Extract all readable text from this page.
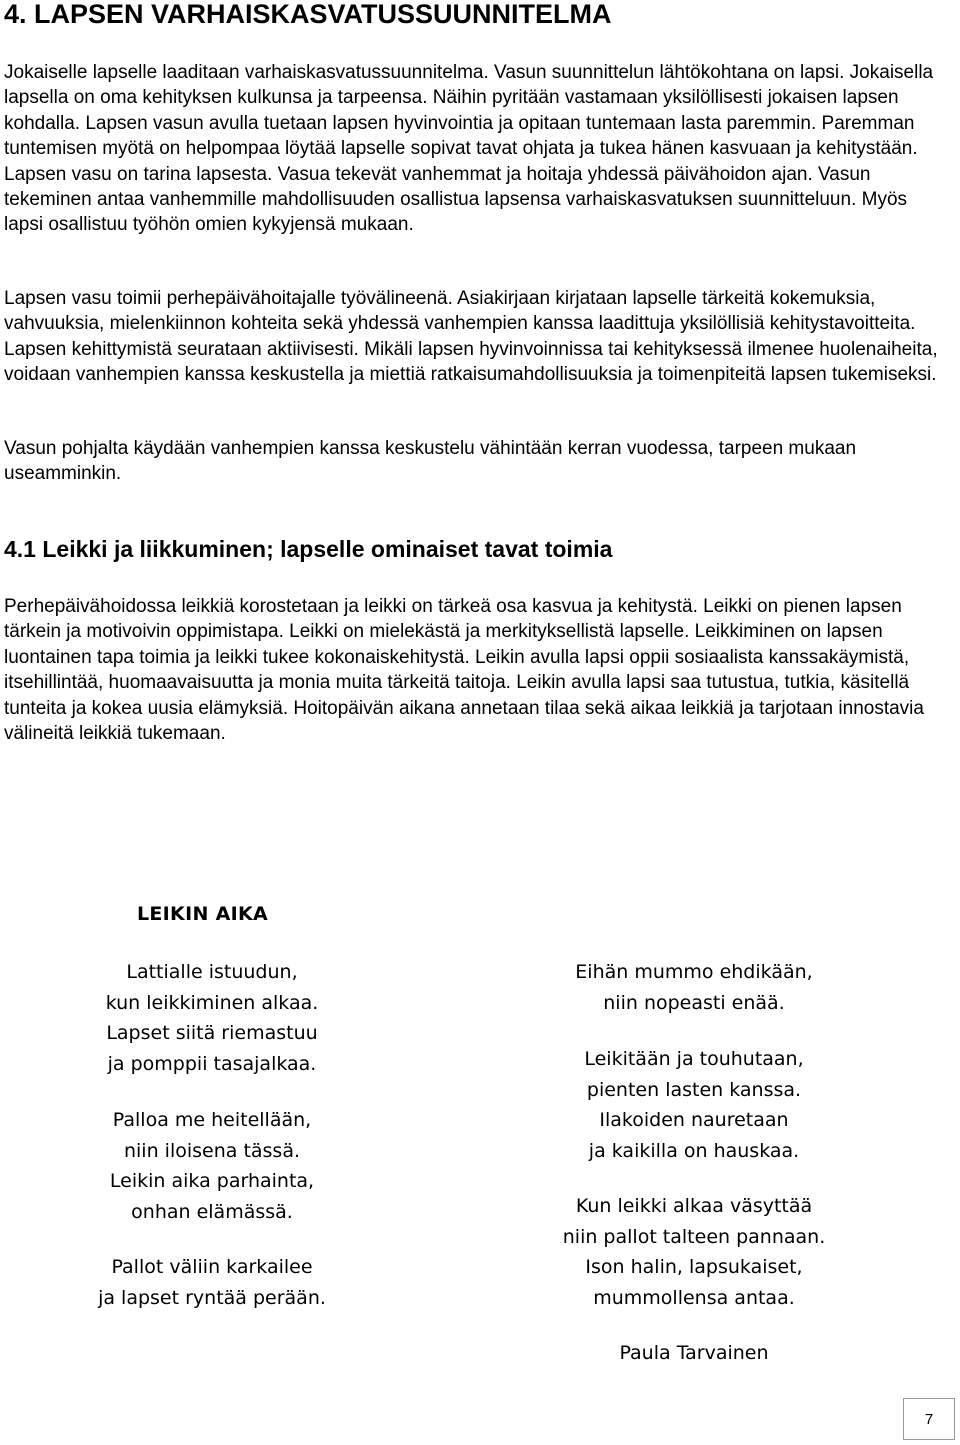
4. LAPSEN VARHAISKASVATUSSUUNNITELMA

Jokaiselle lapselle laaditaan varhaiskasvatussuunnitelma. Vasun suunnittelun lähtökohtana on lapsi. Jokaisella lapsella on oma kehityksen kulkunsa ja tarpeensa. Näihin pyritään vastamaan yksilöllisesti jokaisen lapsen kohdalla. Lapsen vasun avulla tuetaan lapsen hyvinvointia ja opitaan tuntemaan lasta paremmin. Paremman tuntemisen myötä on helpompaa löytää lapselle sopivat tavat ohjata ja tukea hänen kasvuaan ja kehitystään. Lapsen vasu on tarina lapsesta. Vasua tekevät vanhemmat ja hoitaja yhdessä päivähoidon ajan. Vasun tekeminen antaa vanhemmille mahdollisuuden osallistua lapsensa varhaiskasvatuksen suunnitteluun. Myös lapsi osallistuu työhön omien kykyjensä mukaan.

Lapsen vasu toimii perhepäivähoitajalle työvälineenä. Asiakirjaan kirjataan lapselle tärkeitä kokemuksia, vahvuuksia, mielenkiinnon kohteita sekä yhdessä vanhempien kanssa laadittuja yksilöllisiä kehitystavoitteita. Lapsen kehittymistä seurataan aktiivisesti. Mikäli lapsen hyvinvoinnissa tai kehityksessä ilmenee huolenaiheita, voidaan vanhempien kanssa keskustella ja miettiä ratkaisumahdollisuuksia ja toimenpiteitä lapsen tukemiseksi.

Vasun pohjalta käydään vanhempien kanssa keskustelu vähintään kerran vuodessa, tarpeen mukaan useamminkin.

4.1 Leikki ja liikkuminen; lapselle ominaiset tavat toimia

Perhepäivähoidossa leikkiä korostetaan ja leikki on tärkeä osa kasvua ja kehitystä. Leikki on pienen lapsen tärkein ja motivoivin oppimistapa. Leikki on mielekästä ja merkityksellistä lapselle. Leikkiminen on lapsen luontainen tapa toimia ja leikki tukee kokonaiskehitystä. Leikin avulla lapsi oppii sosiaalista kanssakäymistä, itsehillintää, huomaavaisuutta ja monia muita tärkeitä taitoja. Leikin avulla lapsi saa tutustua, tutkia, käsitellä tunteita ja kokea uusia elämyksiä. Hoitopäivän aikana annetaan tilaa sekä aikaa leikkiä ja tarjotaan innostavia välineitä leikkiä tukemaan.

LEIKIN AIKA
Lattialle istuudun,
kun leikkiminen alkaa.
Lapset siitä riemastuu
ja pomppii tasajalkaa.
Palloa me heitellään,
niin iloisena tässä.
Leikin aika parhainta,
onhan elämässä.
Pallot väliin karkailee
ja lapset ryntää perään.
Eihän mummo ehdikään,
niin nopeasti enää.
Leikitään ja touhutaan,
pienten lasten kanssa.
Ilakoiden nauretaan
ja kaikilla on hauskaa.
Kun leikki alkaa väsyttää
niin pallot talteen pannaan.
Ison halin, lapsukaiset,
mummollensa antaa.
Paula Tarvainen
7
